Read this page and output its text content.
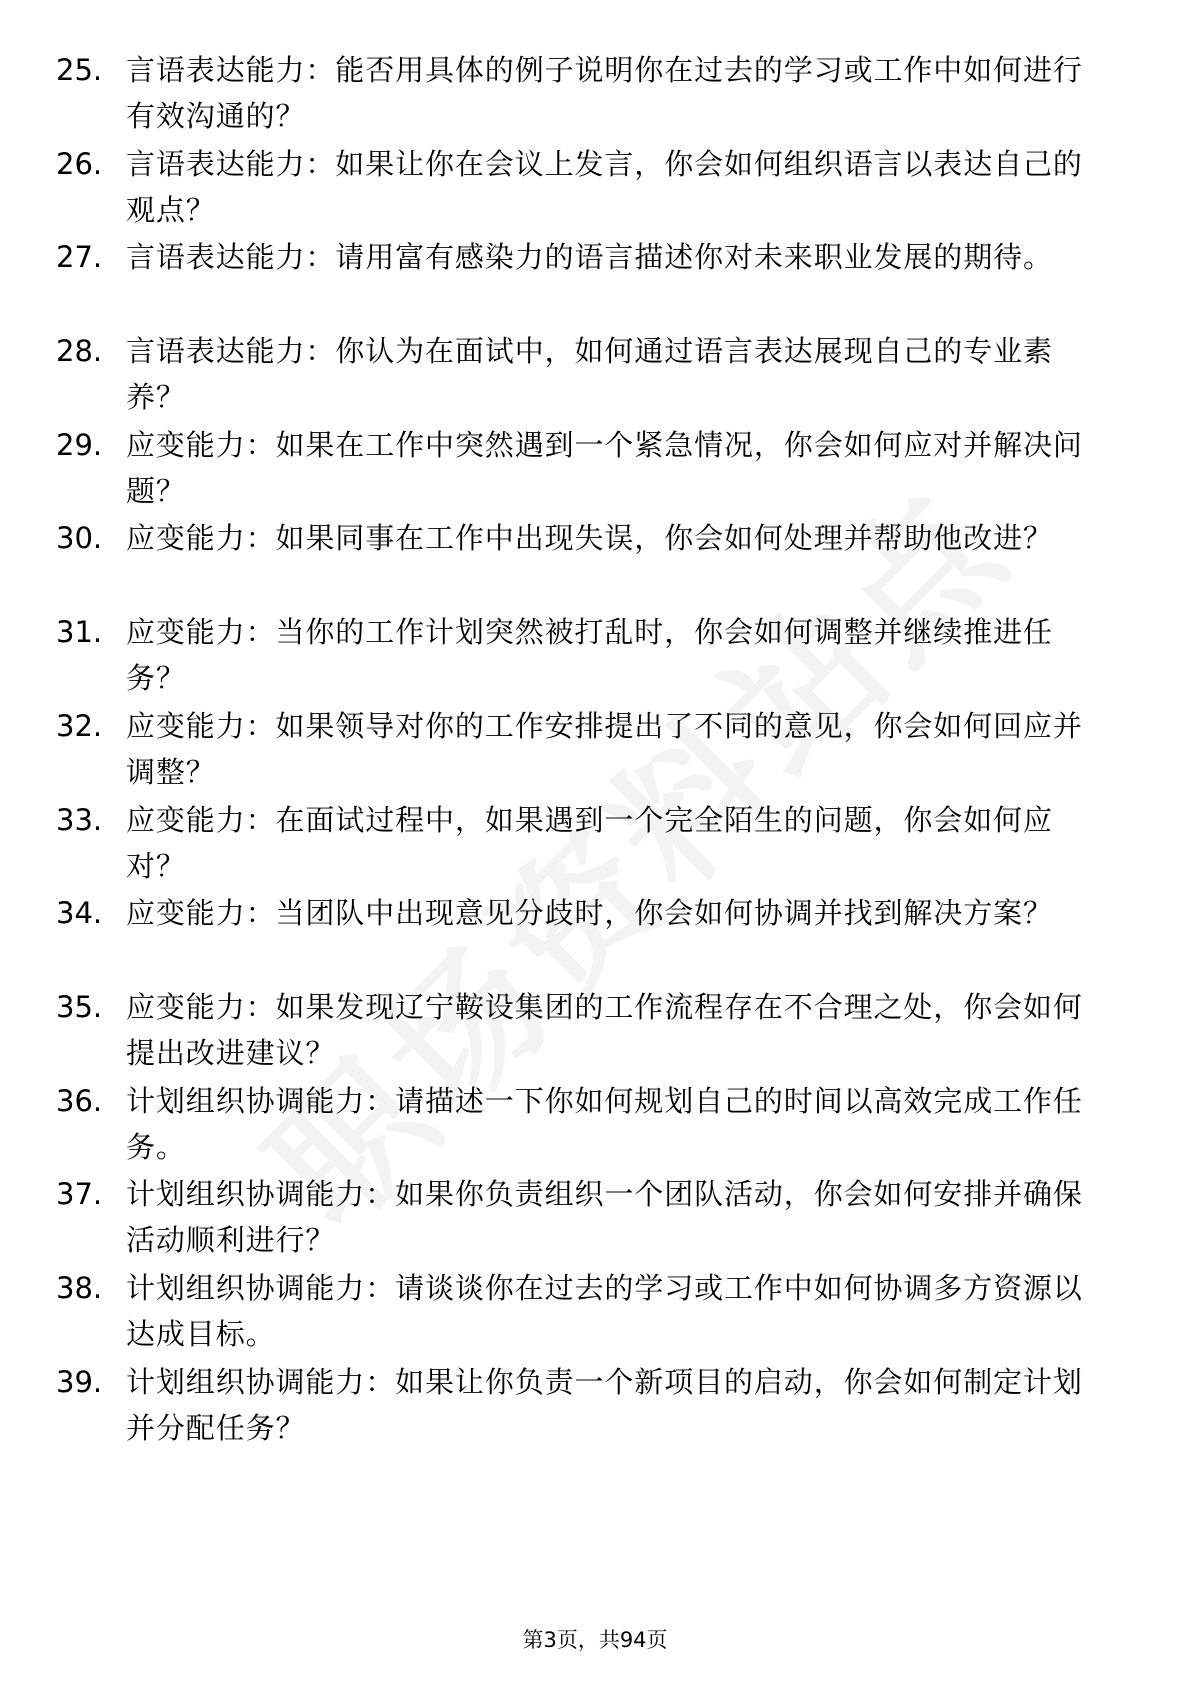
25. 言语表达能力：能否用具体的例子说明你在过去的学习或工作中如何进行有效沟通的？
26. 言语表达能力：如果让你在会议上发言，你会如何组织语言以表达自己的观点？
27. 言语表达能力：请用富有感染力的语言描述你对未来职业发展的期待。
28. 言语表达能力：你认为在面试中，如何通过语言表达展现自己的专业素养？
29. 应变能力：如果在工作中突然遇到一个紧急情况，你会如何应对并解决问题？
30. 应变能力：如果同事在工作中出现失误，你会如何处理并帮助他改进？
31. 应变能力：当你的工作计划突然被打乱时，你会如何调整并继续推进任务？
32. 应变能力：如果领导对你的工作安排提出了不同的意见，你会如何回应并调整？
33. 应变能力：在面试过程中，如果遇到一个完全陌生的问题，你会如何应对？
34. 应变能力：当团队中出现意见分歧时，你会如何协调并找到解决方案？
35. 应变能力：如果发现辽宁鞍设集团的工作流程存在不合理之处，你会如何提出改进建议？
36. 计划组织协调能力：请描述一下你如何规划自己的时间以高效完成工作任务。
37. 计划组织协调能力：如果你负责组织一个团队活动，你会如何安排并确保活动顺利进行？
38. 计划组织协调能力：请谈谈你在过去的学习或工作中如何协调多方资源以达成目标。
39. 计划组织协调能力：如果让你负责一个新项目的启动，你会如何制定计划并分配任务？
第3页，共94页
